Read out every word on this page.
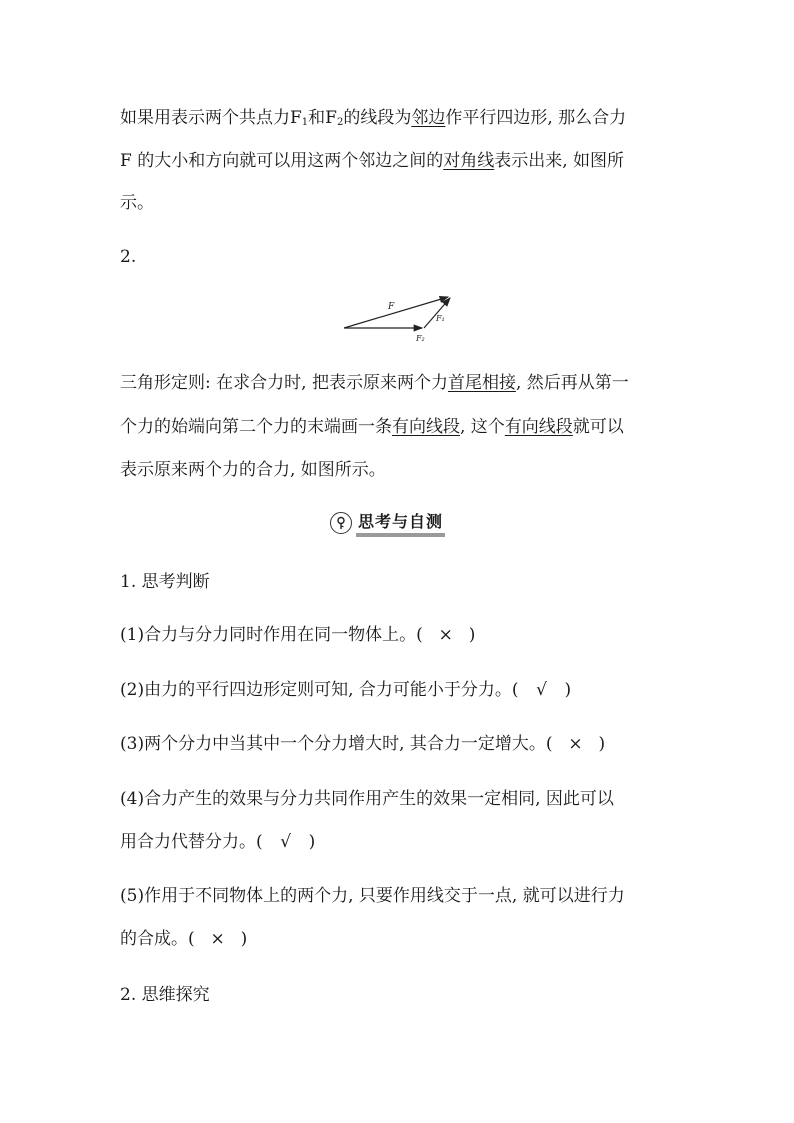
如果用表示两个共点力$F_1$和$F_2$的线段为邻边作平行四边形, 那么合力
F 的大小和方向就可以用这两个邻边之间的对角线表示出来, 如图所
示。
2.
F
F₁
F₂
三角形定则: 在求合力时, 把表示原来两个力首尾相接, 然后再从第一
个力的始端向第二个力的末端画一条有向线段, 这个有向线段就可以
表示原来两个力的合力, 如图所示。
思考与自测
1. 思考判断
(1)合力与分力同时作用在同一物体上。( × )
(2)由力的平行四边形定则可知, 合力可能小于分力。( √ )
(3)两个分力中当其中一个分力增大时, 其合力一定增大。( × )
(4)合力产生的效果与分力共同作用产生的效果一定相同, 因此可以
用合力代替分力。( √ )
(5)作用于不同物体上的两个力, 只要作用线交于一点, 就可以进行力
的合成。( × )
2. 思维探究
